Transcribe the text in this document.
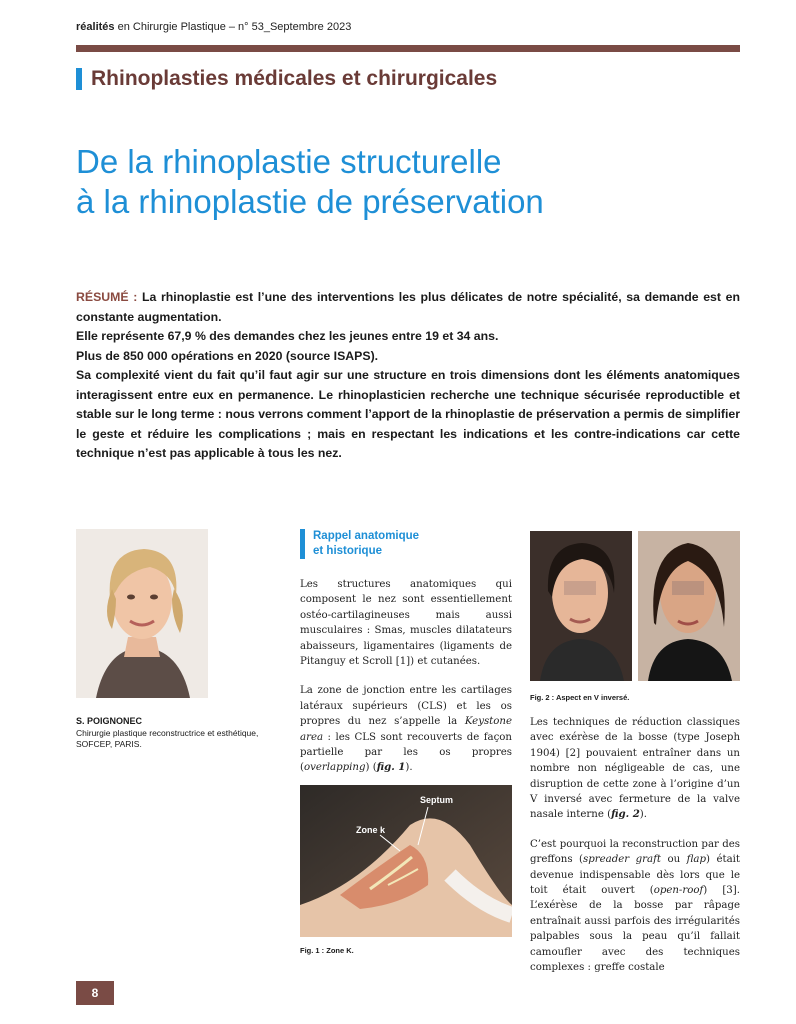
réalités en Chirurgie Plastique – n° 53_Septembre 2023
Rhinoplasties médicales et chirurgicales
De la rhinoplastie structurelle
à la rhinoplastie de préservation

RÉSUMÉ : La rhinoplastie est l’une des interventions les plus délicates de notre spécialité, sa demande est en constante augmentation.

Elle représente 67,9 % des demandes chez les jeunes entre 19 et 34 ans.

Plus de 850 000 opérations en 2020 (source ISAPS).

Sa complexité vient du fait qu’il faut agir sur une structure en trois dimensions dont les éléments anatomiques interagissent entre eux en permanence. Le rhinoplasticien recherche une technique sécurisée reproductible et stable sur le long terme : nous verrons comment l’apport de la rhinoplastie de préservation a permis de simplifier le geste et réduire les complications ; mais en respectant les indications et les contre-indications car cette technique n’est pas applicable à tous les nez.

S. POIGNONEC
Chirurgie plastique reconstructrice et esthétique,
SOFCEP, PARIS.
Rappel anatomique
et historique

Les structures anatomiques qui composent le nez sont essentiellement ostéo-cartilagineuses mais aussi musculaires : Smas, muscles dilatateurs abaisseurs, ligamentaires (ligaments de Pitanguy et Scroll [1]) et cutanées.

La zone de jonction entre les cartilages latéraux supérieurs (CLS) et les os propres du nez s’appelle la Keystone area : les CLS sont recouverts de façon partielle par les os propres (overlapping) (fig. 1).

Septum
Zone k
Fig. 1 : Zone K.
Fig. 2 : Aspect en V inversé.

Les techniques de réduction classiques avec exérèse de la bosse (type Joseph 1904) [2] pouvaient entraîner dans un nombre non négligeable de cas, une disruption de cette zone à l’origine d’un V inversé avec fermeture de la valve nasale interne (fig. 2).

C’est pourquoi la reconstruction par des greffons (spreader graft ou flap) était devenue indispensable dès lors que le toit était ouvert (open-roof) [3]. L’exérèse de la bosse par râpage entraînait aussi parfois des irrégularités palpables sous la peau qu’il fallait camoufler avec des techniques complexes : greffe costale

8
